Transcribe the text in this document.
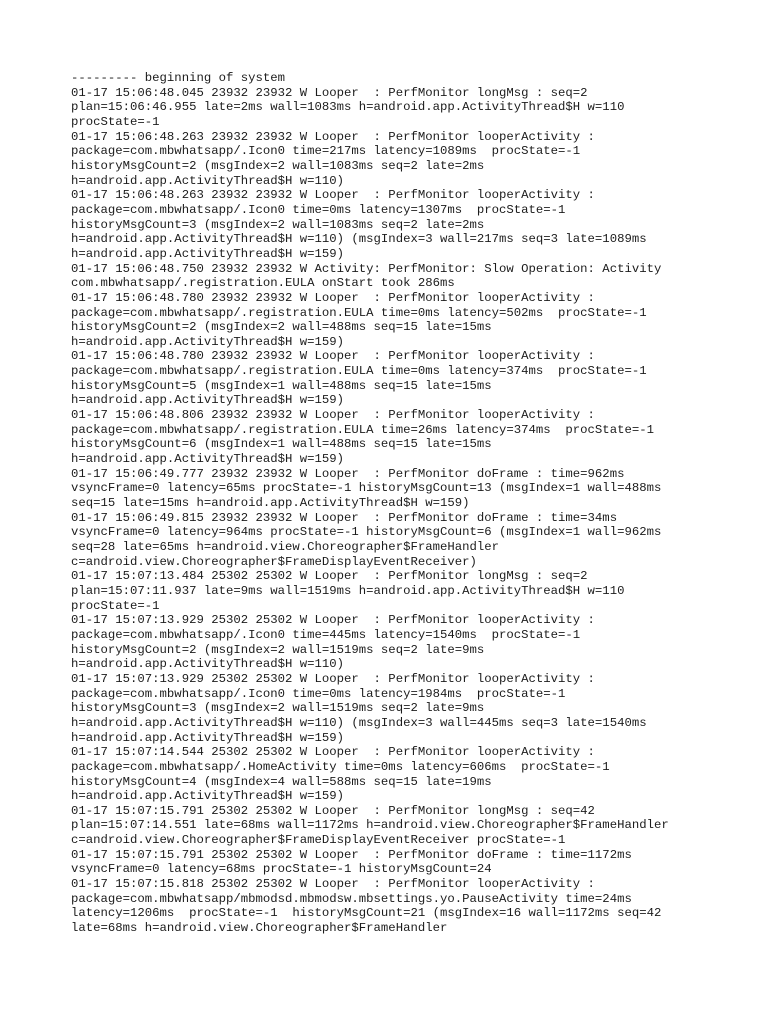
--------- beginning of system
01-17 15:06:48.045 23932 23932 W Looper  : PerfMonitor longMsg : seq=2
plan=15:06:46.955 late=2ms wall=1083ms h=android.app.ActivityThread$H w=110
procState=-1
01-17 15:06:48.263 23932 23932 W Looper  : PerfMonitor looperActivity :
package=com.mbwhatsapp/.Icon0 time=217ms latency=1089ms  procState=-1
historyMsgCount=2 (msgIndex=2 wall=1083ms seq=2 late=2ms
h=android.app.ActivityThread$H w=110)
01-17 15:06:48.263 23932 23932 W Looper  : PerfMonitor looperActivity :
package=com.mbwhatsapp/.Icon0 time=0ms latency=1307ms  procState=-1
historyMsgCount=3 (msgIndex=2 wall=1083ms seq=2 late=2ms
h=android.app.ActivityThread$H w=110) (msgIndex=3 wall=217ms seq=3 late=1089ms
h=android.app.ActivityThread$H w=159)
01-17 15:06:48.750 23932 23932 W Activity: PerfMonitor: Slow Operation: Activity
com.mbwhatsapp/.registration.EULA onStart took 286ms
01-17 15:06:48.780 23932 23932 W Looper  : PerfMonitor looperActivity :
package=com.mbwhatsapp/.registration.EULA time=0ms latency=502ms  procState=-1
historyMsgCount=2 (msgIndex=2 wall=488ms seq=15 late=15ms
h=android.app.ActivityThread$H w=159)
01-17 15:06:48.780 23932 23932 W Looper  : PerfMonitor looperActivity :
package=com.mbwhatsapp/.registration.EULA time=0ms latency=374ms  procState=-1
historyMsgCount=5 (msgIndex=1 wall=488ms seq=15 late=15ms
h=android.app.ActivityThread$H w=159)
01-17 15:06:48.806 23932 23932 W Looper  : PerfMonitor looperActivity :
package=com.mbwhatsapp/.registration.EULA time=26ms latency=374ms  procState=-1
historyMsgCount=6 (msgIndex=1 wall=488ms seq=15 late=15ms
h=android.app.ActivityThread$H w=159)
01-17 15:06:49.777 23932 23932 W Looper  : PerfMonitor doFrame : time=962ms
vsyncFrame=0 latency=65ms procState=-1 historyMsgCount=13 (msgIndex=1 wall=488ms
seq=15 late=15ms h=android.app.ActivityThread$H w=159)
01-17 15:06:49.815 23932 23932 W Looper  : PerfMonitor doFrame : time=34ms
vsyncFrame=0 latency=964ms procState=-1 historyMsgCount=6 (msgIndex=1 wall=962ms
seq=28 late=65ms h=android.view.Choreographer$FrameHandler
c=android.view.Choreographer$FrameDisplayEventReceiver)
01-17 15:07:13.484 25302 25302 W Looper  : PerfMonitor longMsg : seq=2
plan=15:07:11.937 late=9ms wall=1519ms h=android.app.ActivityThread$H w=110
procState=-1
01-17 15:07:13.929 25302 25302 W Looper  : PerfMonitor looperActivity :
package=com.mbwhatsapp/.Icon0 time=445ms latency=1540ms  procState=-1
historyMsgCount=2 (msgIndex=2 wall=1519ms seq=2 late=9ms
h=android.app.ActivityThread$H w=110)
01-17 15:07:13.929 25302 25302 W Looper  : PerfMonitor looperActivity :
package=com.mbwhatsapp/.Icon0 time=0ms latency=1984ms  procState=-1
historyMsgCount=3 (msgIndex=2 wall=1519ms seq=2 late=9ms
h=android.app.ActivityThread$H w=110) (msgIndex=3 wall=445ms seq=3 late=1540ms
h=android.app.ActivityThread$H w=159)
01-17 15:07:14.544 25302 25302 W Looper  : PerfMonitor looperActivity :
package=com.mbwhatsapp/.HomeActivity time=0ms latency=606ms  procState=-1
historyMsgCount=4 (msgIndex=4 wall=588ms seq=15 late=19ms
h=android.app.ActivityThread$H w=159)
01-17 15:07:15.791 25302 25302 W Looper  : PerfMonitor longMsg : seq=42
plan=15:07:14.551 late=68ms wall=1172ms h=android.view.Choreographer$FrameHandler
c=android.view.Choreographer$FrameDisplayEventReceiver procState=-1
01-17 15:07:15.791 25302 25302 W Looper  : PerfMonitor doFrame : time=1172ms
vsyncFrame=0 latency=68ms procState=-1 historyMsgCount=24
01-17 15:07:15.818 25302 25302 W Looper  : PerfMonitor looperActivity :
package=com.mbwhatsapp/mbmodsd.mbmodsw.mbsettings.yo.PauseActivity time=24ms
latency=1206ms  procState=-1  historyMsgCount=21 (msgIndex=16 wall=1172ms seq=42
late=68ms h=android.view.Choreographer$FrameHandler
